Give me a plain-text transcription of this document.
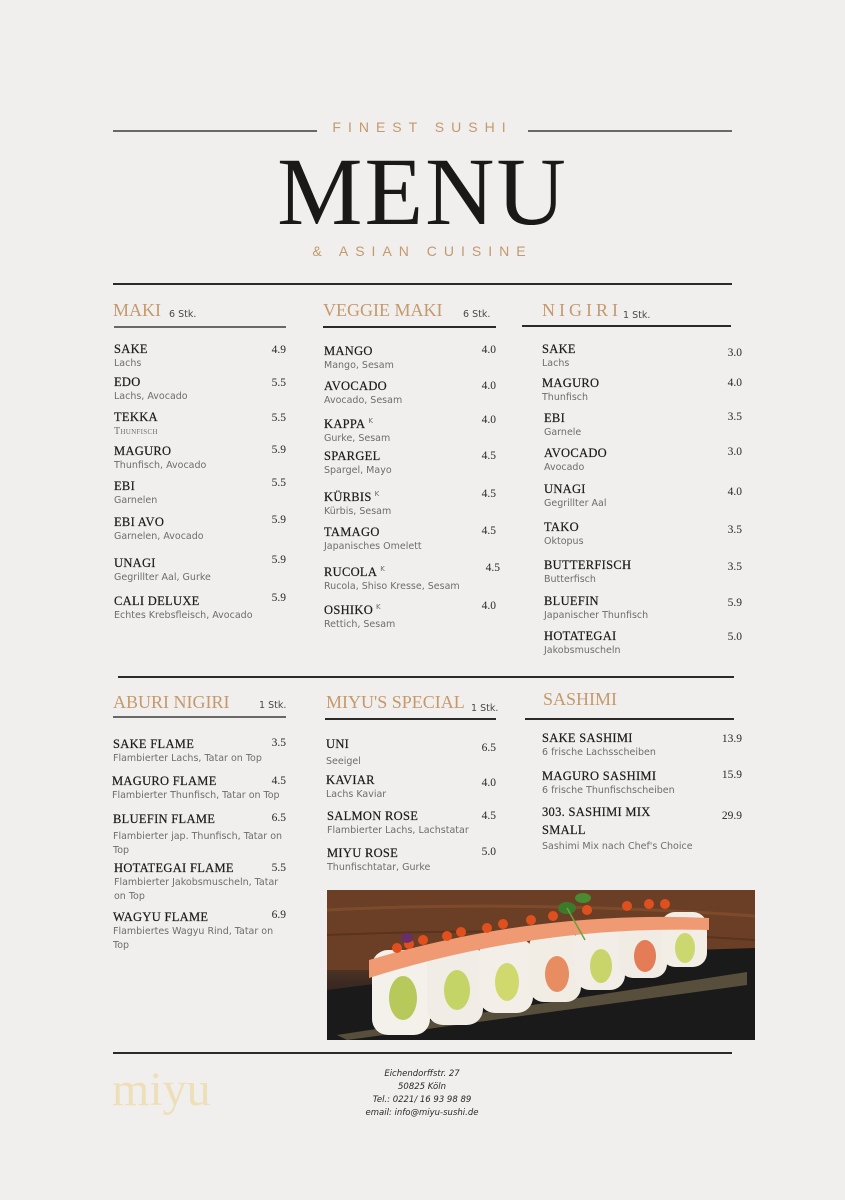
FINEST SUSHI
MENU
& ASIAN CUISINE
MAKI 6 Stk.
SAKE
Lachs
4.9
EDO
Lachs, Avocado
5.5
TEKKA
Thunfisch
5.5
MAGURO
Thunfisch, Avocado
5.9
EBI
Garnelen
5.5
EBI AVO
Garnelen, Avocado
5.9
UNAGI
Gegrillter Aal, Gurke
5.9
CALI DELUXE
Echtes Krebsfleisch, Avocado
5.9
VEGGIE MAKI 6 Stk.
MANGO
Mango, Sesam
4.0
AVOCADO
Avocado, Sesam
4.0
KAPPA $^K$
Gurke, Sesam
4.0
SPARGEL
Spargel, Mayo
4.5
KÜRBIS $^K$
Kürbis, Sesam
4.5
TAMAGO
Japanisches Omelett
4.5
RUCOLA $^K$
Rucola, Shiso Kresse, Sesam
4.5
OSHIKO $^K$
Rettich, Sesam
4.0
NIGIRI 1 Stk.
SAKE
Lachs
3.0
MAGURO
Thunfisch
4.0
EBI
Garnele
3.5
AVOCADO
Avocado
3.0
UNAGI
Gegrillter Aal
4.0
TAKO
Oktopus
3.5
BUTTERFISCH
Butterfisch
3.5
BLUEFIN
Japanischer Thunfisch
5.9
HOTATEGAI
Jakobsmuscheln
5.0
ABURI NIGIRI	1 Stk.
SAKE FLAME
Flambierter Lachs, Tatar on Top
3.5
MAGURO FLAME
Flambierter Thunfisch, Tatar on Top
4.5
BLUEFIN FLAME
Flambierter jap. Thunfisch, Tatar on Top
6.5
HOTATEGAI FLAME
Flambierter Jakobsmuscheln, Tatar on Top
5.5
WAGYU FLAME
Flambiertes Wagyu Rind, Tatar on Top
6.9
MIYU'S SPECIAL 1 Stk.
UNI
Seeigel
6.5
KAVIAR
Lachs Kaviar
4.0
SALMON ROSE
Flambierter Lachs, Lachstatar
4.5
MIYU ROSE
Thunfischtatar, Gurke
5.0
SASHIMI
SAKE SASHIMI
6 frische Lachsscheiben
13.9
MAGURO SASHIMI
6 frische Thunfischscheiben
15.9
303. SASHIMI MIX
SMALL
Sashimi Mix nach Chef's Choice
29.9
miyu	Eichendorffstr. 27
50825 Köln
Tel.: 0221/ 16 93 98 89
email: info@miyu-sushi.de
